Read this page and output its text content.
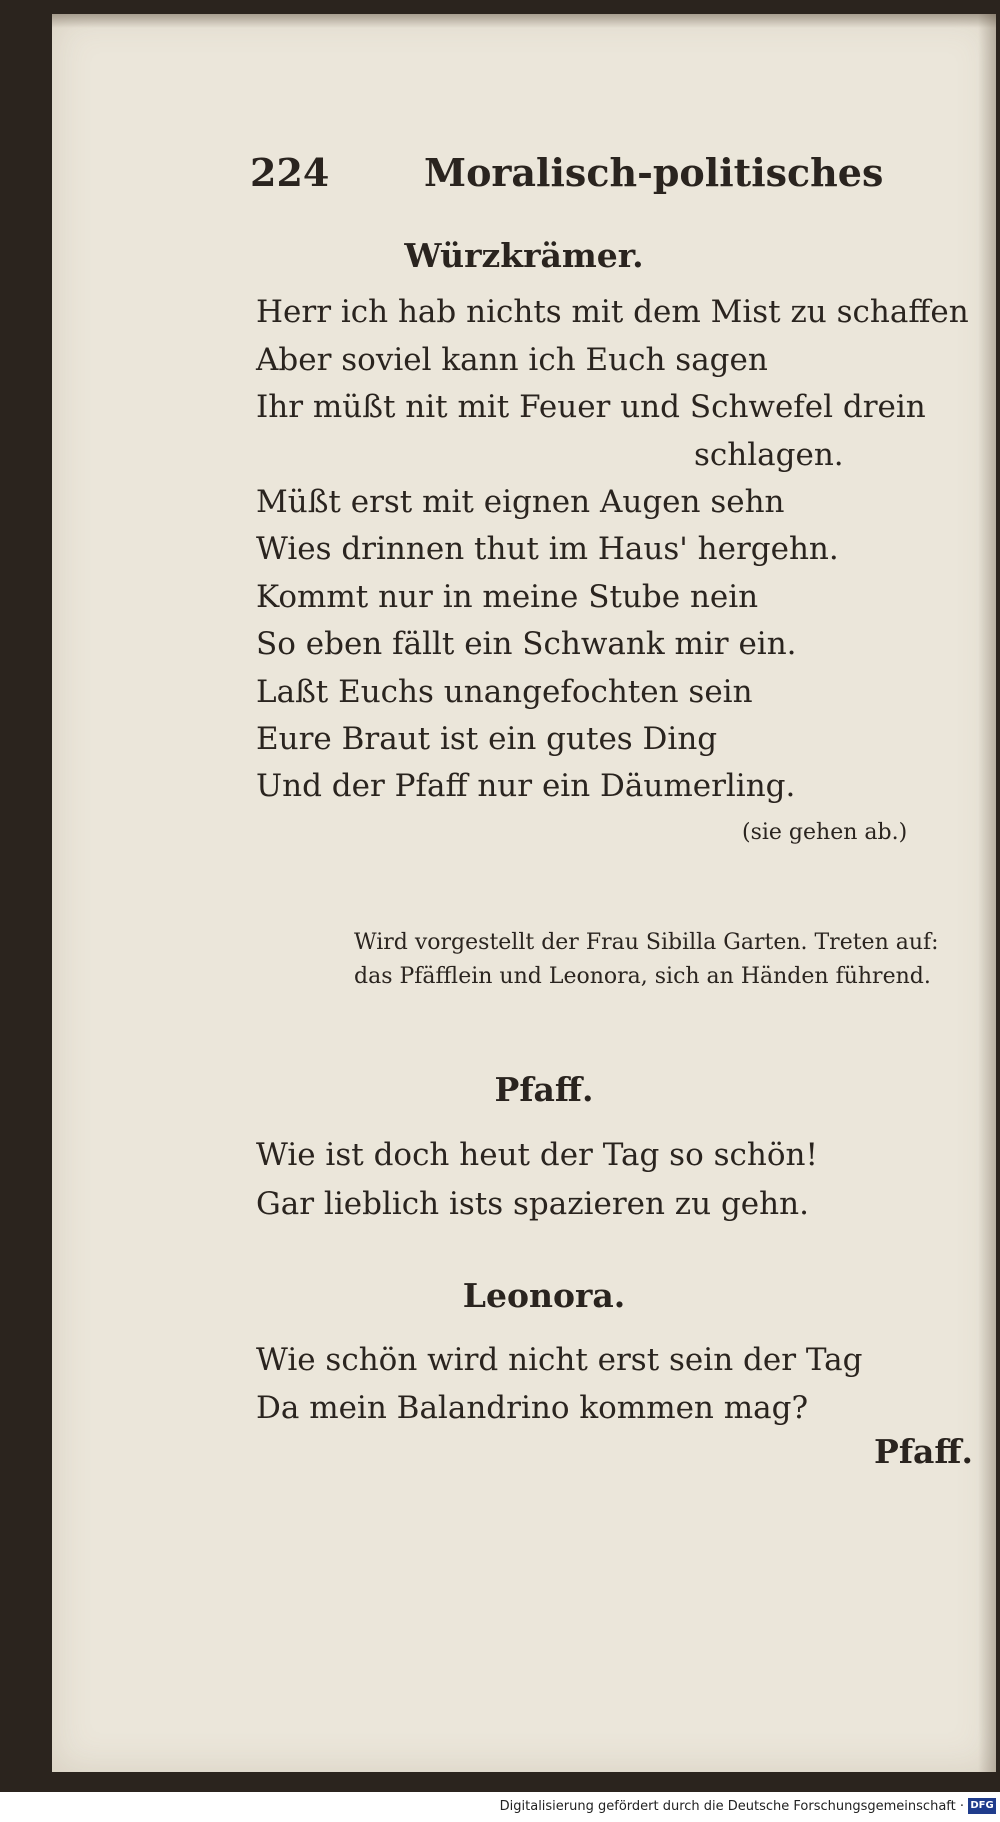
224 Moralisch-politisches
Würzkrämer.
Herr ich hab nichts mit dem Mist zu schaffen
Aber soviel kann ich Euch sagen
Ihr müßt nit mit Feuer und Schwefel drein
schlagen.
Müßt erst mit eignen Augen sehn
Wies drinnen thut im Haus' hergehn.
Kommt nur in meine Stube nein
So eben fällt ein Schwank mir ein.
Laßt Euchs unangefochten sein
Eure Braut ist ein gutes Ding
Und der Pfaff nur ein Däumerling.
(sie gehen ab.)
Wird vorgestellt der Frau Sibilla Garten. Treten auf: das Pfäfflein und Leonora, sich an Händen führend.
Pfaff.
Wie ist doch heut der Tag so schön!
Gar lieblich ists spazieren zu gehn.
Leonora.
Wie schön wird nicht erst sein der Tag
Da mein Balandrino kommen mag?
Pfaff.
Digitalisierung gefördert durch die Deutsche Forschungsgemeinschaft · DFG
